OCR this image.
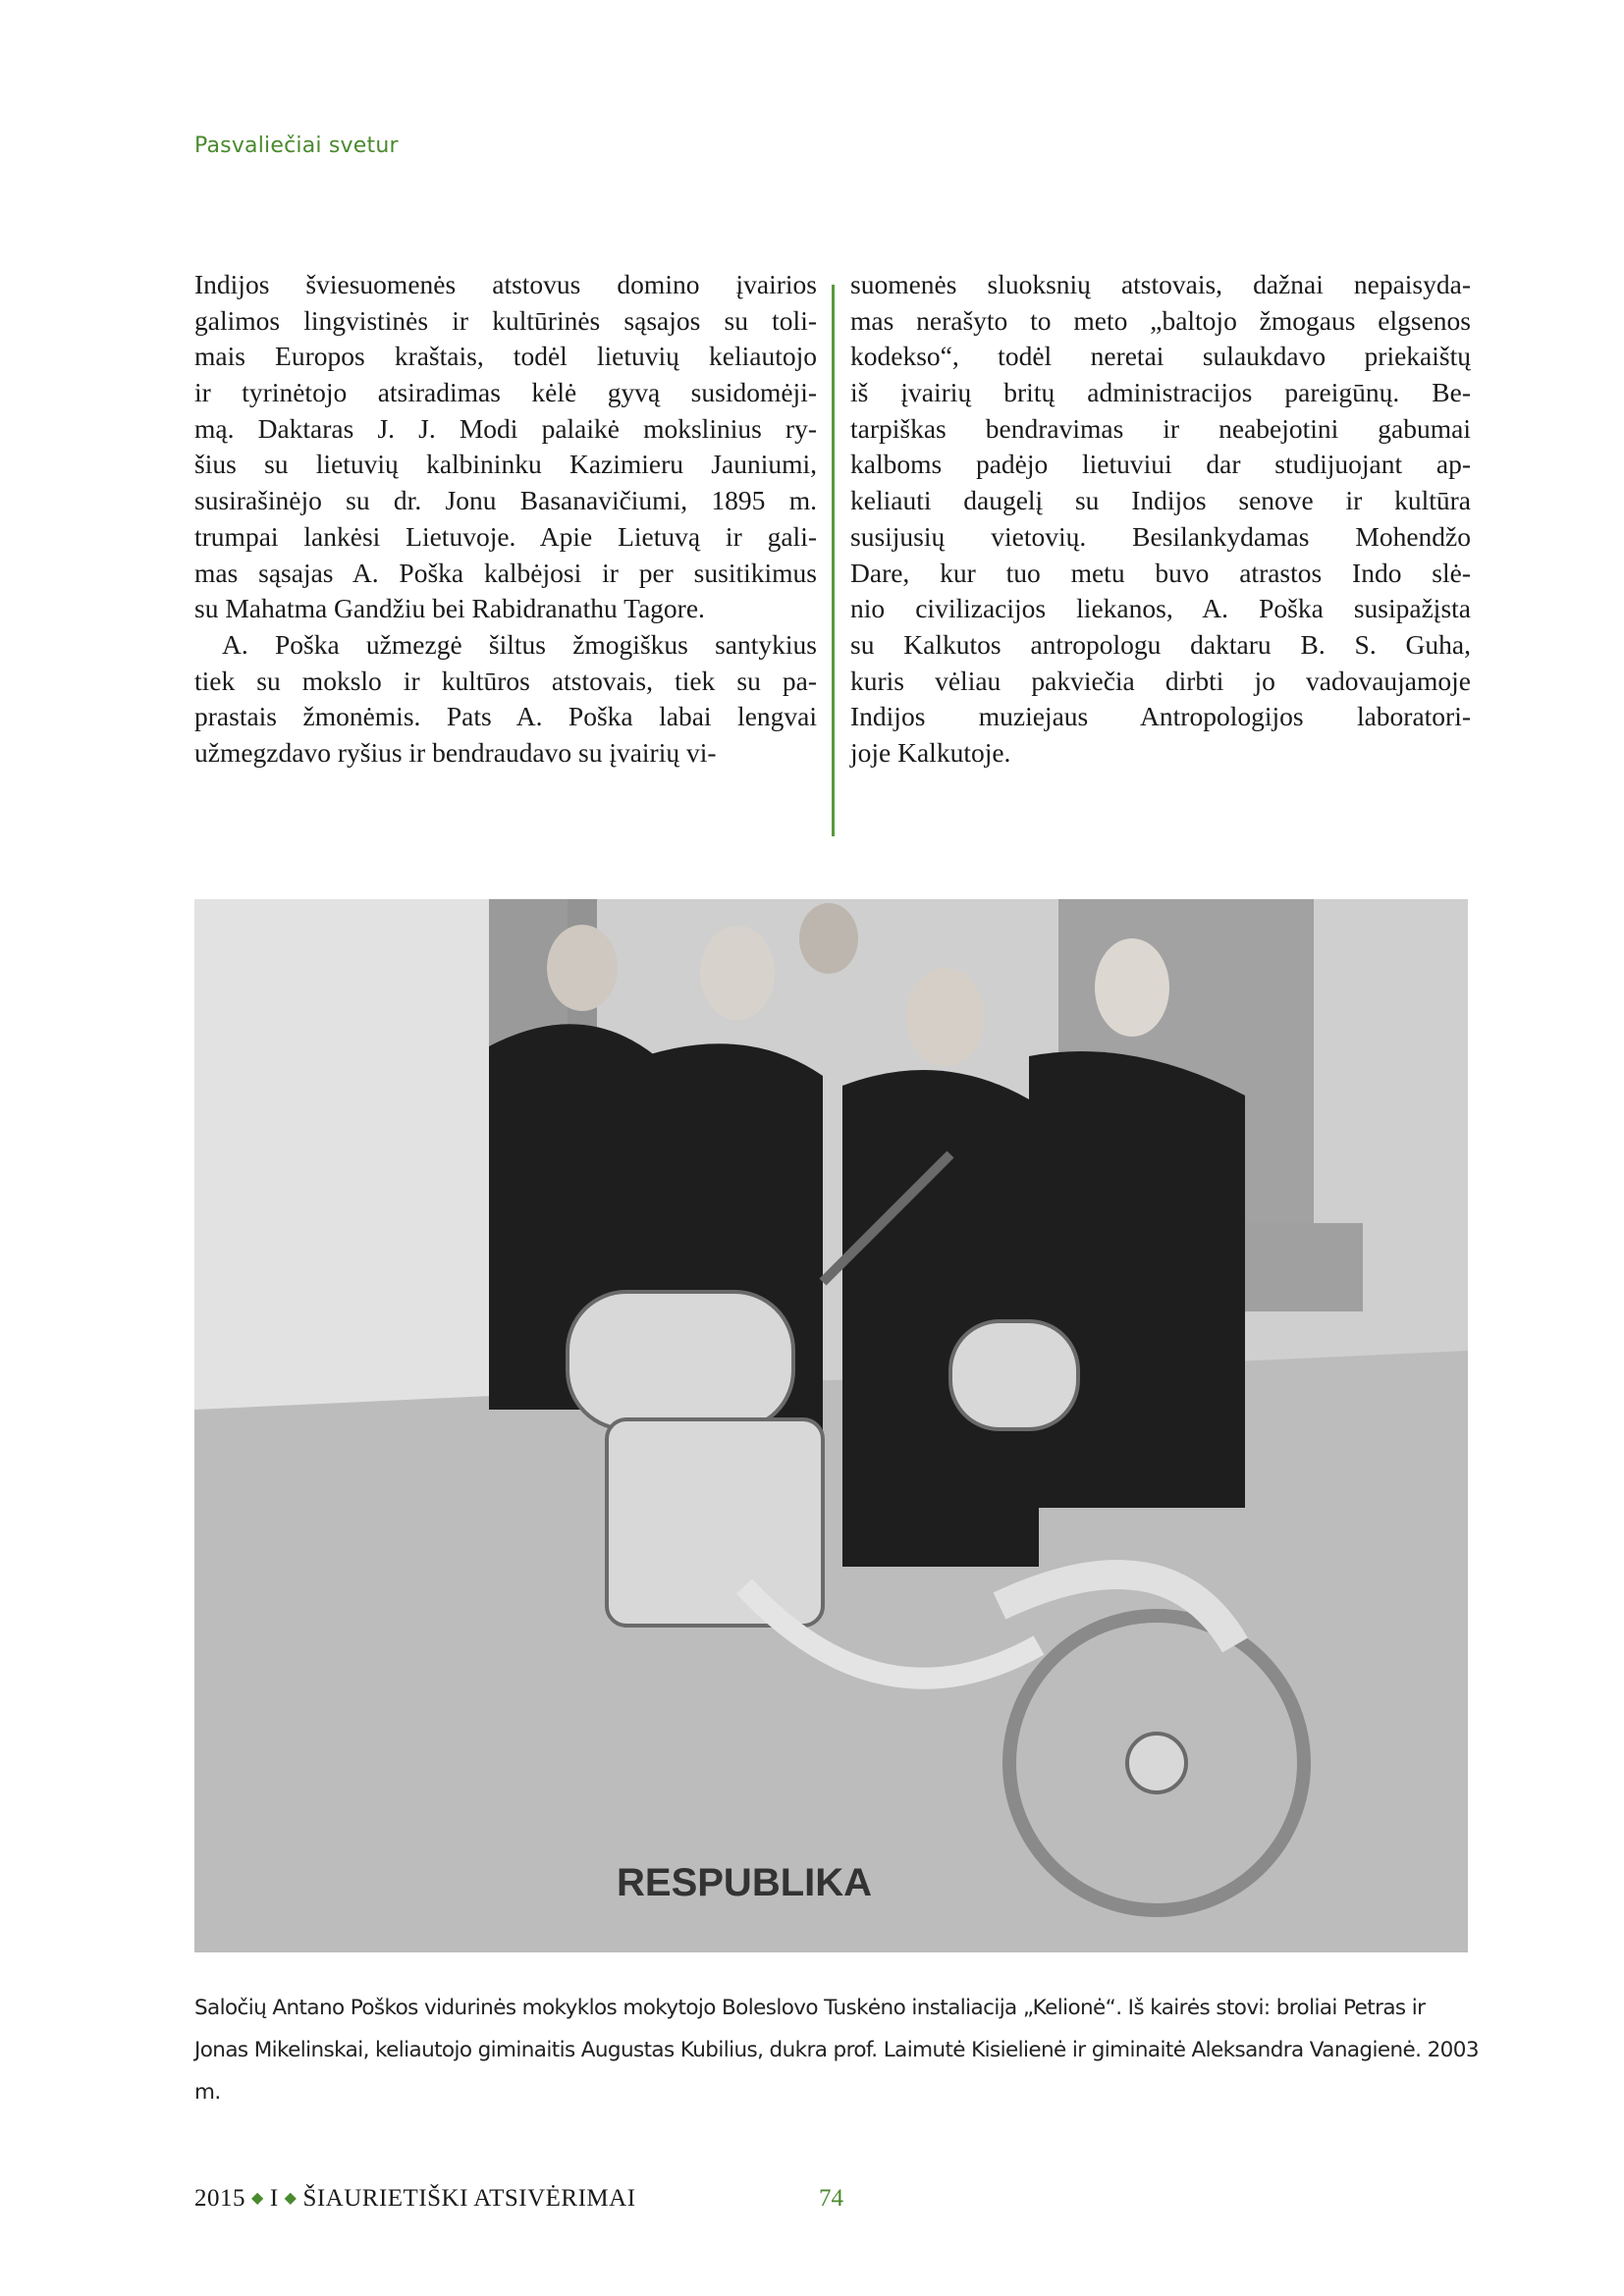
Pasvaliečiai svetur
Indijos šviesuomenės atstovus domino įvairios
galimos lingvistinės ir kultūrinės sąsajos su toli-
mais Europos kraštais, todėl lietuvių keliautojo
ir tyrinėtojo atsiradimas kėlė gyvą susidomėji-
mą. Daktaras J. J. Modi palaikė mokslinius ry-
šius su lietuvių kalbininku Kazimieru Jauniumi,
susirašinėjo su dr. Jonu Basanavičiumi, 1895 m.
trumpai lankėsi Lietuvoje. Apie Lietuvą ir gali-
mas sąsajas A. Poška kalbėjosi ir per susitikimus
su Mahatma Gandžiu bei Rabidranathu Tagore.
A. Poška užmezgė šiltus žmogiškus santykius
tiek su mokslo ir kultūros atstovais, tiek su pa-
prastais žmonėmis. Pats A. Poška labai lengvai
užmegzdavo ryšius ir bendraudavo su įvairių vi-
suomenės sluoksnių atstovais, dažnai nepaisyda-
mas nerašyto to meto „baltojo žmogaus elgsenos
kodekso“, todėl neretai sulaukdavo priekaištų
iš įvairių britų administracijos pareigūnų. Be-
tarpiškas bendravimas ir neabejotini gabumai
kalboms padėjo lietuviui dar studijuojant ap-
keliauti daugelį su Indijos senove ir kultūra
susijusių vietovių. Besilankydamas Mohendžo
Dare, kur tuo metu buvo atrastos Indo slė-
nio civilizacijos liekanos, A. Poška susipažįsta
su Kalkutos antropologu daktaru B. S. Guha,
kuris vėliau pakviečia dirbti jo vadovaujamoje
Indijos muziejaus Antropologijos laboratori-
joje Kalkutoje.
RESPUBLIKA
Saločių Antano Poškos vidurinės mokyklos mokytojo Boleslovo Tuskėno instaliacija „Kelionė“. Iš kairės stovi: broliai Petras ir Jonas Mikelinskai, keliautojo giminaitis Augustas Kubilius, dukra prof. Laimutė Kisielienė ir giminaitė Aleksandra Vanagienė. 2003 m.
2015 ◆ I ◆ ŠIAURIETIŠKI ATSIVĖRIMAI	74
